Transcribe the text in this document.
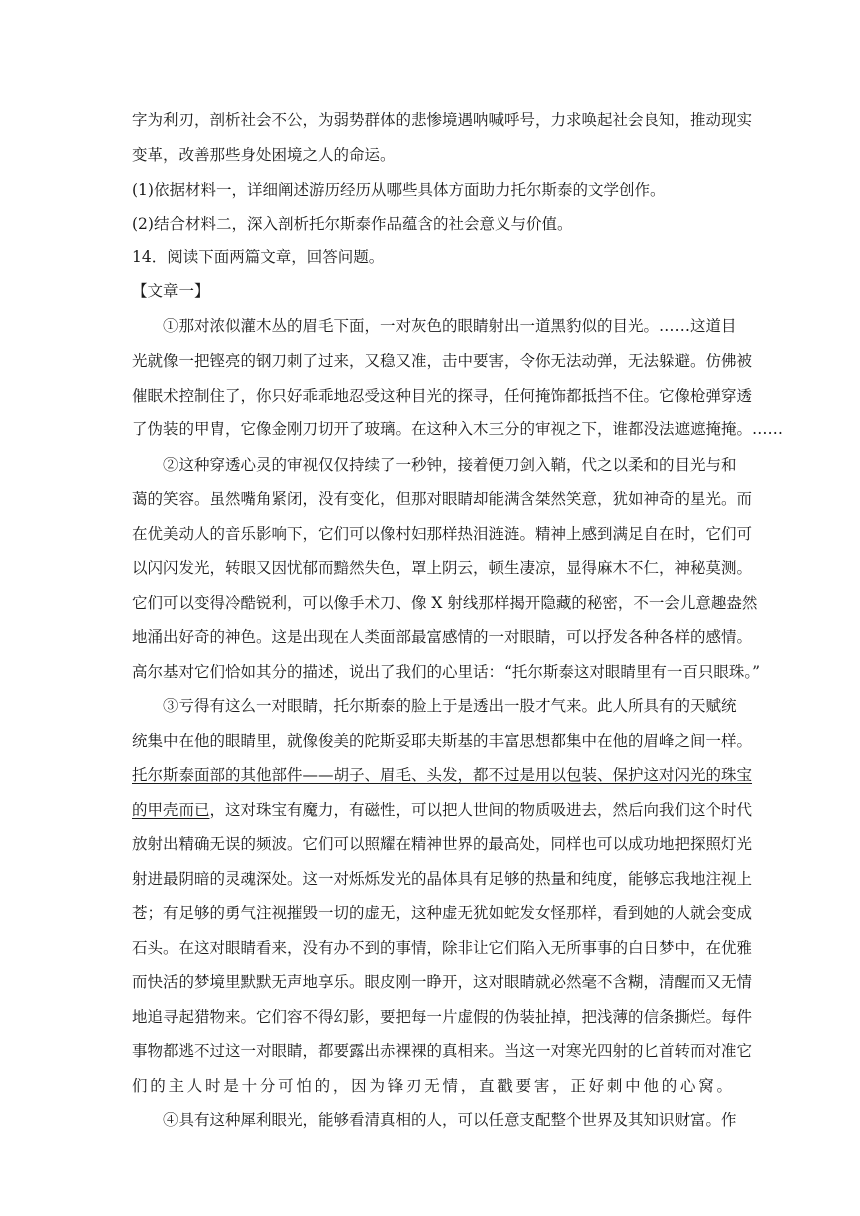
字为利刃，剖析社会不公，为弱势群体的悲惨境遇呐喊呼号，力求唤起社会良知，推动现实
变革，改善那些身处困境之人的命运。
(1)依据材料一，详细阐述游历经历从哪些具体方面助力托尔斯泰的文学创作。
(2)结合材料二，深入剖析托尔斯泰作品蕴含的社会意义与价值。
14．阅读下面两篇文章，回答问题。
【文章一】
①那对浓似灌木丛的眉毛下面，一对灰色的眼睛射出一道黑豹似的目光。……这道目
光就像一把铿亮的钢刀刺了过来，又稳又准，击中要害，令你无法动弹，无法躲避。仿佛被
催眠术控制住了，你只好乖乖地忍受这种目光的探寻，任何掩饰都抵挡不住。它像枪弹穿透
了伪装的甲胄，它像金刚刀切开了玻璃。在这种入木三分的审视之下，谁都没法遮遮掩掩。……
②这种穿透心灵的审视仅仅持续了一秒钟，接着便刀剑入鞘，代之以柔和的目光与和
蔼的笑容。虽然嘴角紧闭，没有变化，但那对眼睛却能满含桀然笑意，犹如神奇的星光。而
在优美动人的音乐影响下，它们可以像村妇那样热泪涟涟。精神上感到满足自在时，它们可
以闪闪发光，转眼又因忧郁而黯然失色，罩上阴云，顿生凄凉，显得麻木不仁，神秘莫测。
它们可以变得冷酷锐利，可以像手术刀、像 X 射线那样揭开隐藏的秘密，不一会儿意趣盎然
地涌出好奇的神色。这是出现在人类面部最富感情的一对眼睛，可以抒发各种各样的感情。
高尔基对它们恰如其分的描述，说出了我们的心里话：“托尔斯泰这对眼睛里有一百只眼珠。”
③亏得有这么一对眼睛，托尔斯泰的脸上于是透出一股才气来。此人所具有的天赋统
统集中在他的眼睛里，就像俊美的陀斯妥耶夫斯基的丰富思想都集中在他的眉峰之间一样。
托尔斯泰面部的其他部件——胡子、眉毛、头发，都不过是用以包装、保护这对闪光的珠宝
的甲壳而已，这对珠宝有魔力，有磁性，可以把人世间的物质吸进去，然后向我们这个时代
放射出精确无误的频波。它们可以照耀在精神世界的最高处，同样也可以成功地把探照灯光
射进最阴暗的灵魂深处。这一对烁烁发光的晶体具有足够的热量和纯度，能够忘我地注视上
苍；有足够的勇气注视摧毁一切的虚无，这种虚无犹如蛇发女怪那样，看到她的人就会变成
石头。在这对眼睛看来，没有办不到的事情，除非让它们陷入无所事事的白日梦中，在优雅
而快活的梦境里默默无声地享乐。眼皮刚一睁开，这对眼睛就必然毫不含糊，清醒而又无情
地追寻起猎物来。它们容不得幻影，要把每一片虚假的伪装扯掉，把浅薄的信条撕烂。每件
事物都逃不过这一对眼睛，都要露出赤裸裸的真相来。当这一对寒光四射的匕首转而对准它
们的主人时是十分可怕的，因为锋刃无情，直戳要害，正好刺中他的心窝。
④具有这种犀利眼光，能够看清真相的人，可以任意支配整个世界及其知识财富。作
